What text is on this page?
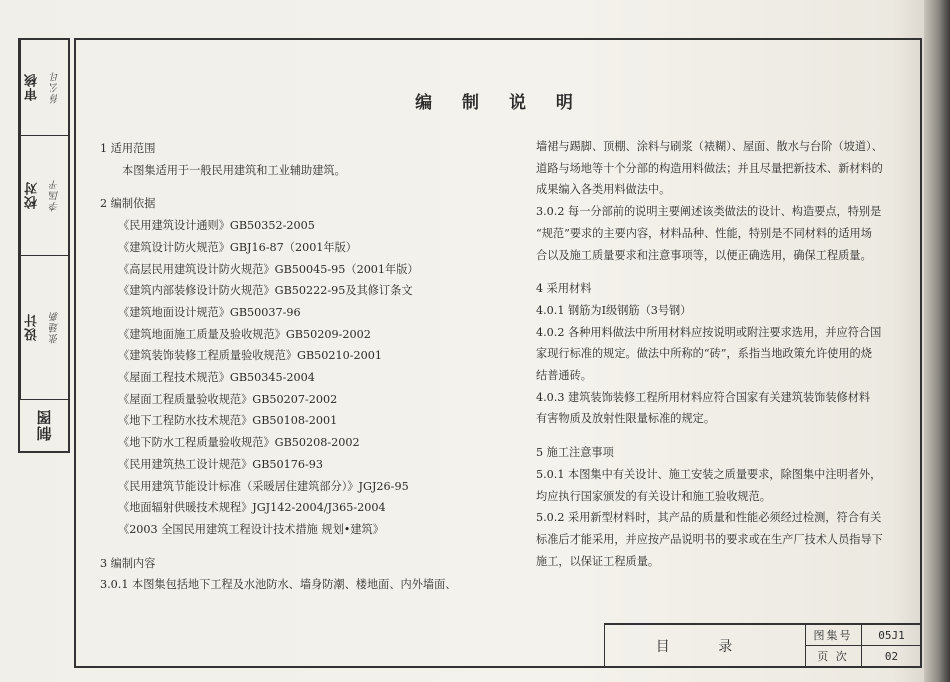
审核	徐公印
校对	李国平
设计	张建新
制图
编 制 说 明

1 适用范围

本图集适用于一般民用建筑和工业辅助建筑。

2 编制依据

《民用建筑设计通则》GB50352-2005

《建筑设计防火规范》GBJ16-87（2001年版）

《高层民用建筑设计防火规范》GB50045-95（2001年版）

《建筑内部装修设计防火规范》GB50222-95及其修订条文

《建筑地面设计规范》GB50037-96

《建筑地面施工质量及验收规范》GB50209-2002

《建筑装饰装修工程质量验收规范》GB50210-2001

《屋面工程技术规范》GB50345-2004

《屋面工程质量验收规范》GB50207-2002

《地下工程防水技术规范》GB50108-2001

《地下防水工程质量验收规范》GB50208-2002

《民用建筑热工设计规范》GB50176-93

《民用建筑节能设计标准（采暖居住建筑部分）》JGJ26-95

《地面辐射供暖技术规程》JGJ142-2004/J365-2004

《2003 全国民用建筑工程设计技术措施 规划•建筑》

3 编制内容

3.0.1 本图集包括地下工程及水池防水、墙身防潮、楼地面、内外墙面、

墙裙与踢脚、顶棚、涂料与刷浆（裱糊）、屋面、散水与台阶（坡道）、

道路与场地等十个分部的构造用料做法；并且尽量把新技术、新材料的

成果编入各类用料做法中。

3.0.2 每一分部前的说明主要阐述该类做法的设计、构造要点，特别是

“规范”要求的主要内容，材料品种、性能，特别是不同材料的适用场

合以及施工质量要求和注意事项等，以便正确选用，确保工程质量。

4 采用材料

4.0.1 钢筋为Ⅰ级钢筋（3号钢）

4.0.2 各种用料做法中所用材料应按说明或附注要求选用，并应符合国

家现行标准的规定。做法中所称的“砖”，系指当地政策允许使用的烧

结普通砖。

4.0.3 建筑装饰装修工程所用材料应符合国家有关建筑装饰装修材料

有害物质及放射性限量标准的规定。

5 施工注意事项

5.0.1 本图集中有关设计、施工安装之质量要求，除图集中注明者外，

均应执行国家颁发的有关设计和施工验收规范。

5.0.2 采用新型材料时，其产品的质量和性能必须经过检测，符合有关

标准后才能采用，并应按产品说明书的要求或在生产厂技术人员指导下

施工，以保证工程质量。

目 录
图集号	05J1
页 次	02
